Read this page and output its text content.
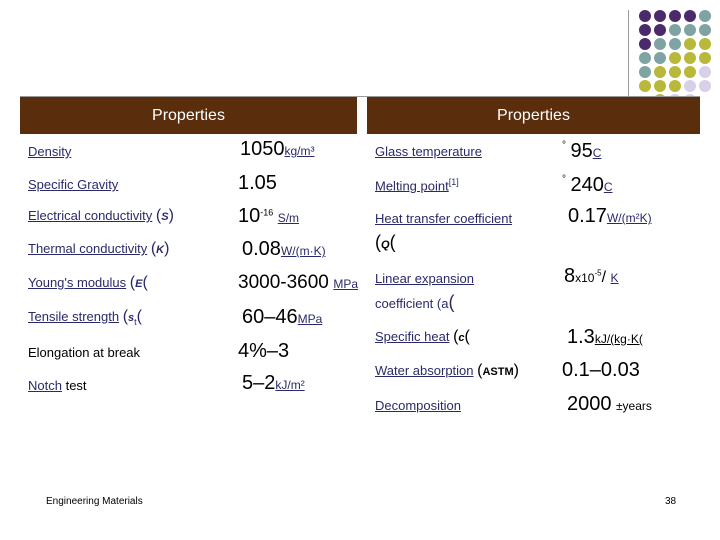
Properties	Properties
Density
Specific Gravity
Electrical conductivity (S)
Thermal conductivity (K)
Young's modulus (E(
Tensile strength ($s_t$(
Elongation at break
Notch test
1050kg/m³
1.05
$10^{-16}$ S/m
0.08W/(m·K)
3000-3600 MPa
60–46MPa
4%–3
5–2kJ/m²
Glass temperature
Melting point[1]
Heat transfer coefficient
(Q(
Linear expansion
coefficient (a(
Specific heat (c(
Water absorption (ASTM)
Decomposition
° 95C
° 240C
0.17W/(m²K)
$8x10^{-5}/$ K
1.3kJ/(kg·K(
0.1–0.03
2000 ±years
Engineering Materials	38
